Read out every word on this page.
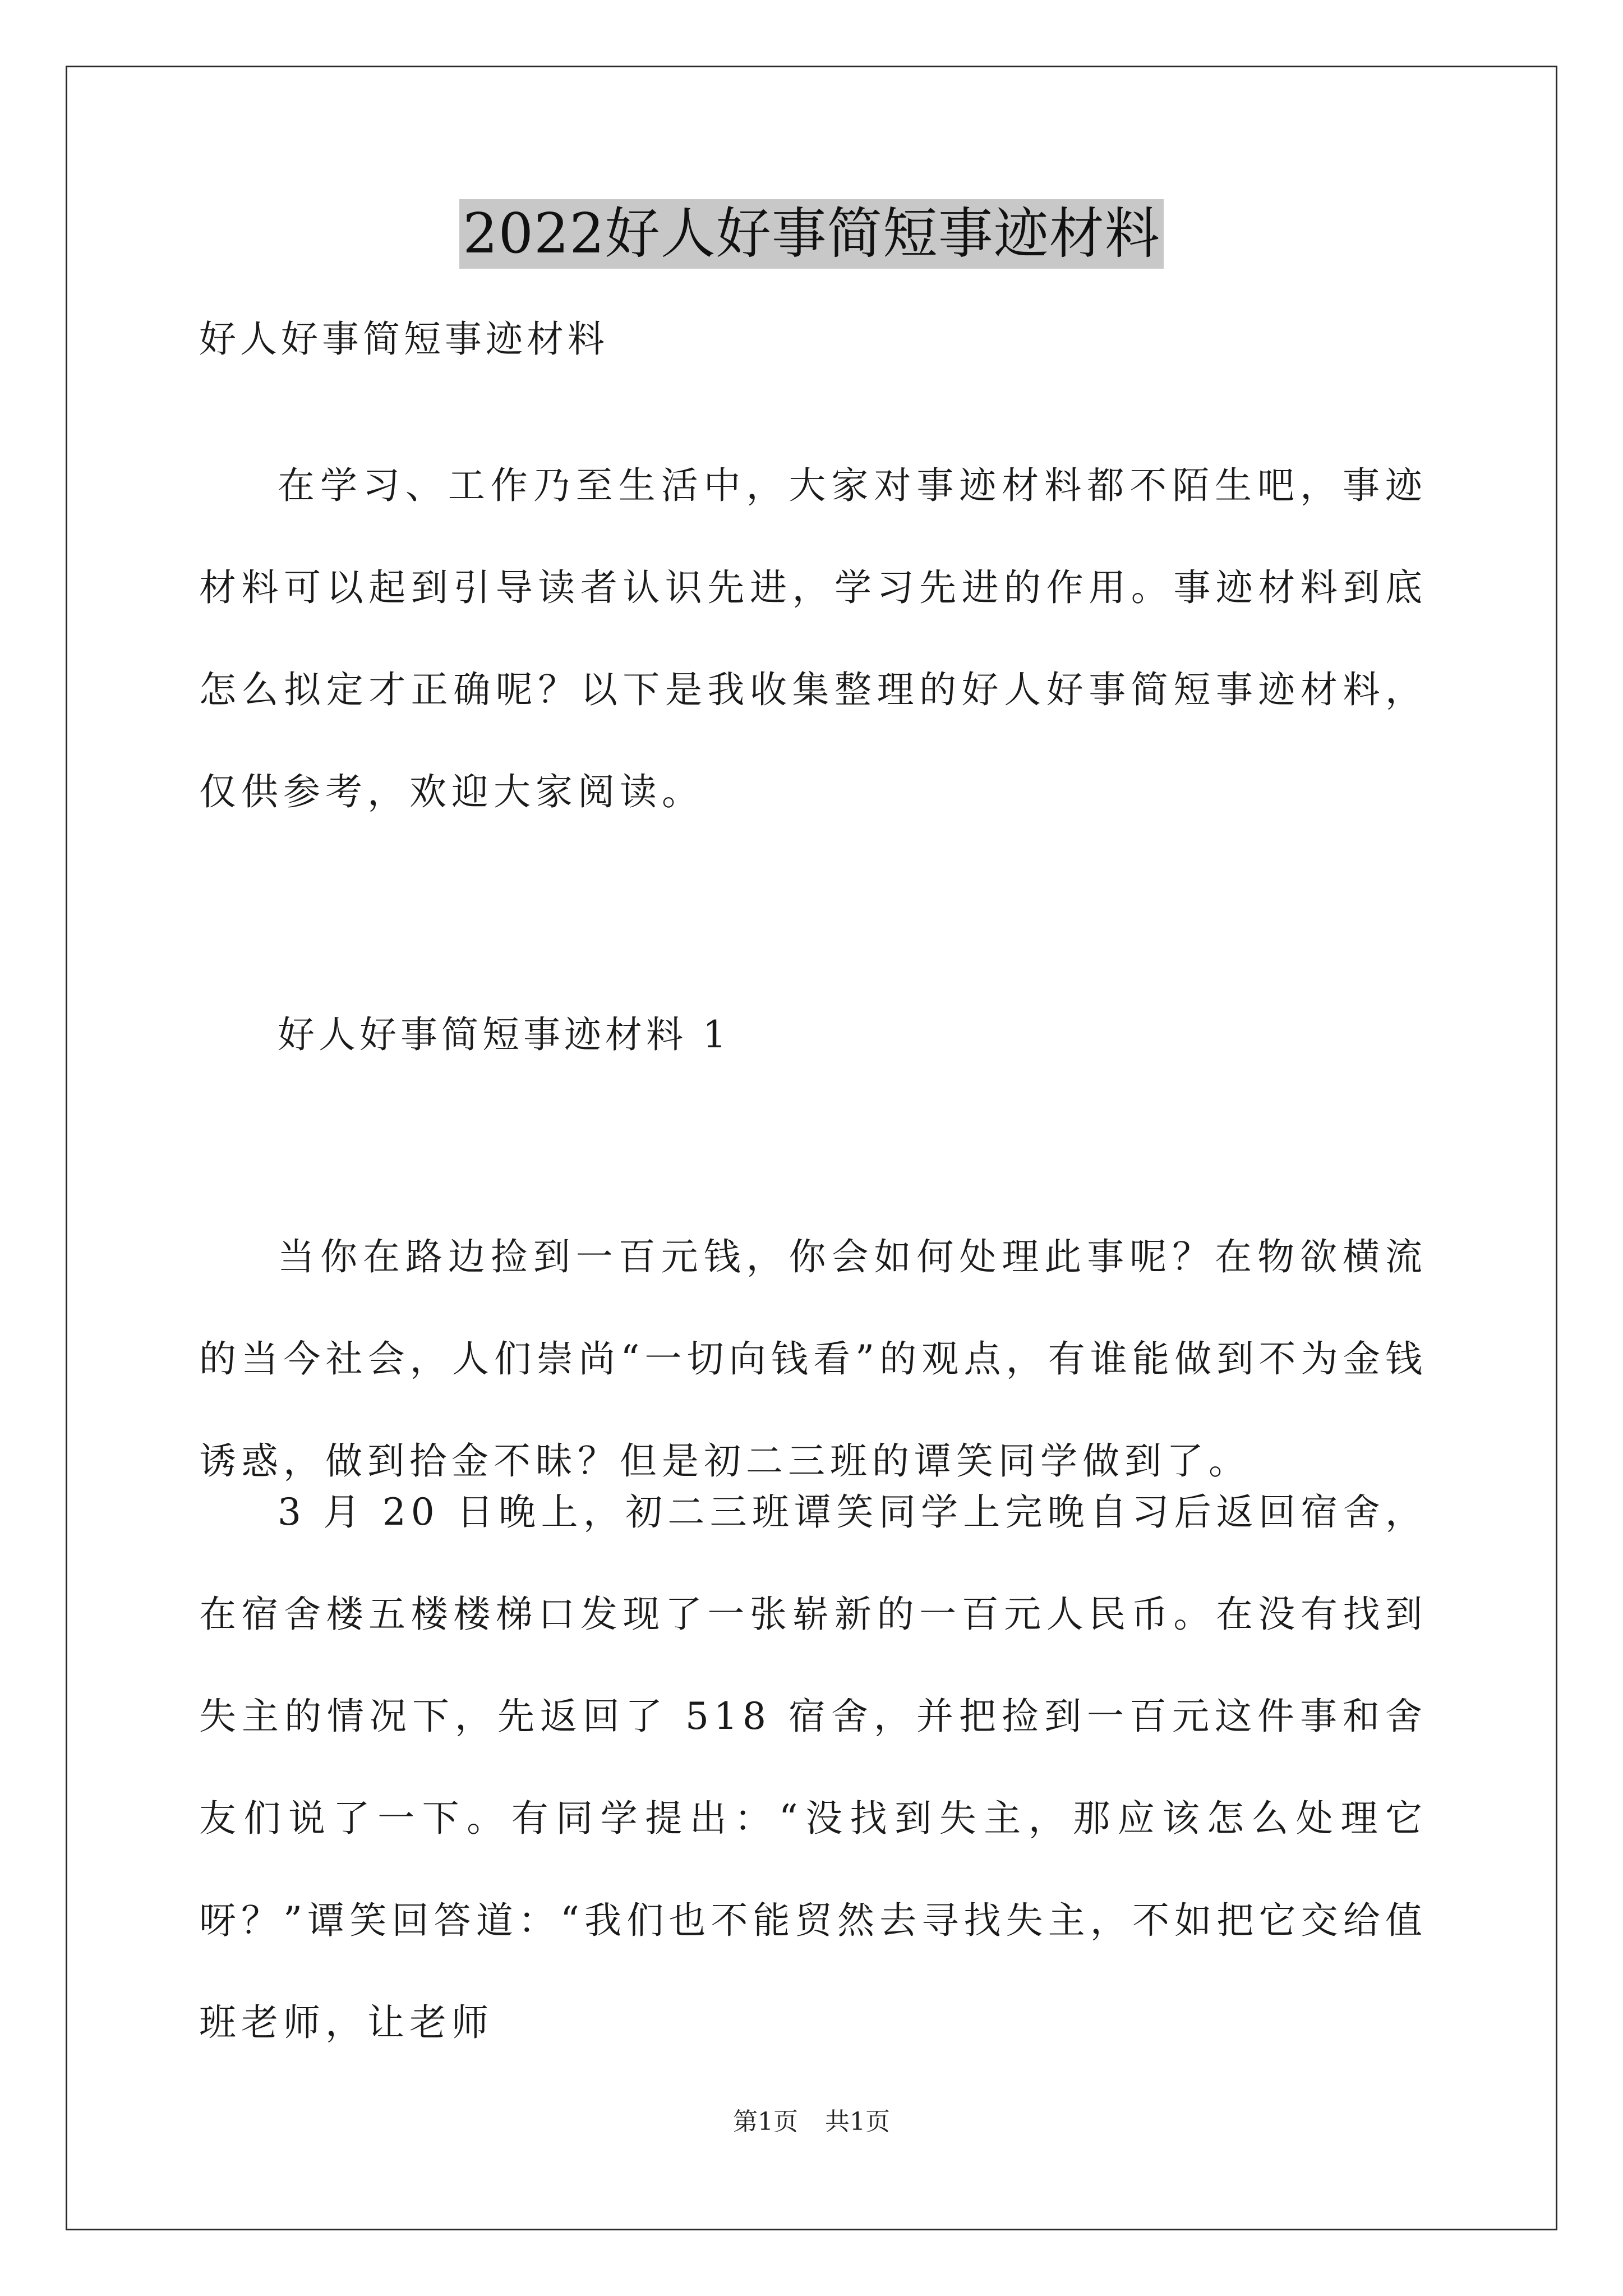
2022好人好事简短事迹材料
好人好事简短事迹材料

在学习、工作乃至生活中，大家对事迹材料都不陌生吧，事迹材料可以起到引导读者认识先进，学习先进的作用。事迹材料到底怎么拟定才正确呢？以下是我收集整理的好人好事简短事迹材料，仅供参考，欢迎大家阅读。

好人好事简短事迹材料 1

当你在路边捡到一百元钱，你会如何处理此事呢？在物欲横流的当今社会，人们崇尚“一切向钱看”的观点，有谁能做到不为金钱诱惑，做到拾金不昧？但是初二三班的谭笑同学做到了。

3 月 20 日晚上，初二三班谭笑同学上完晚自习后返回宿舍，在宿舍楼五楼楼梯口发现了一张崭新的一百元人民币。在没有找到失主的情况下，先返回了 518 宿舍，并把捡到一百元这件事和舍友们说了一下。有同学提出：“没找到失主，那应该怎么处理它呀？”谭笑回答道：“我们也不能贸然去寻找失主，不如把它交给值班老师，让老师

第1页 共1页
